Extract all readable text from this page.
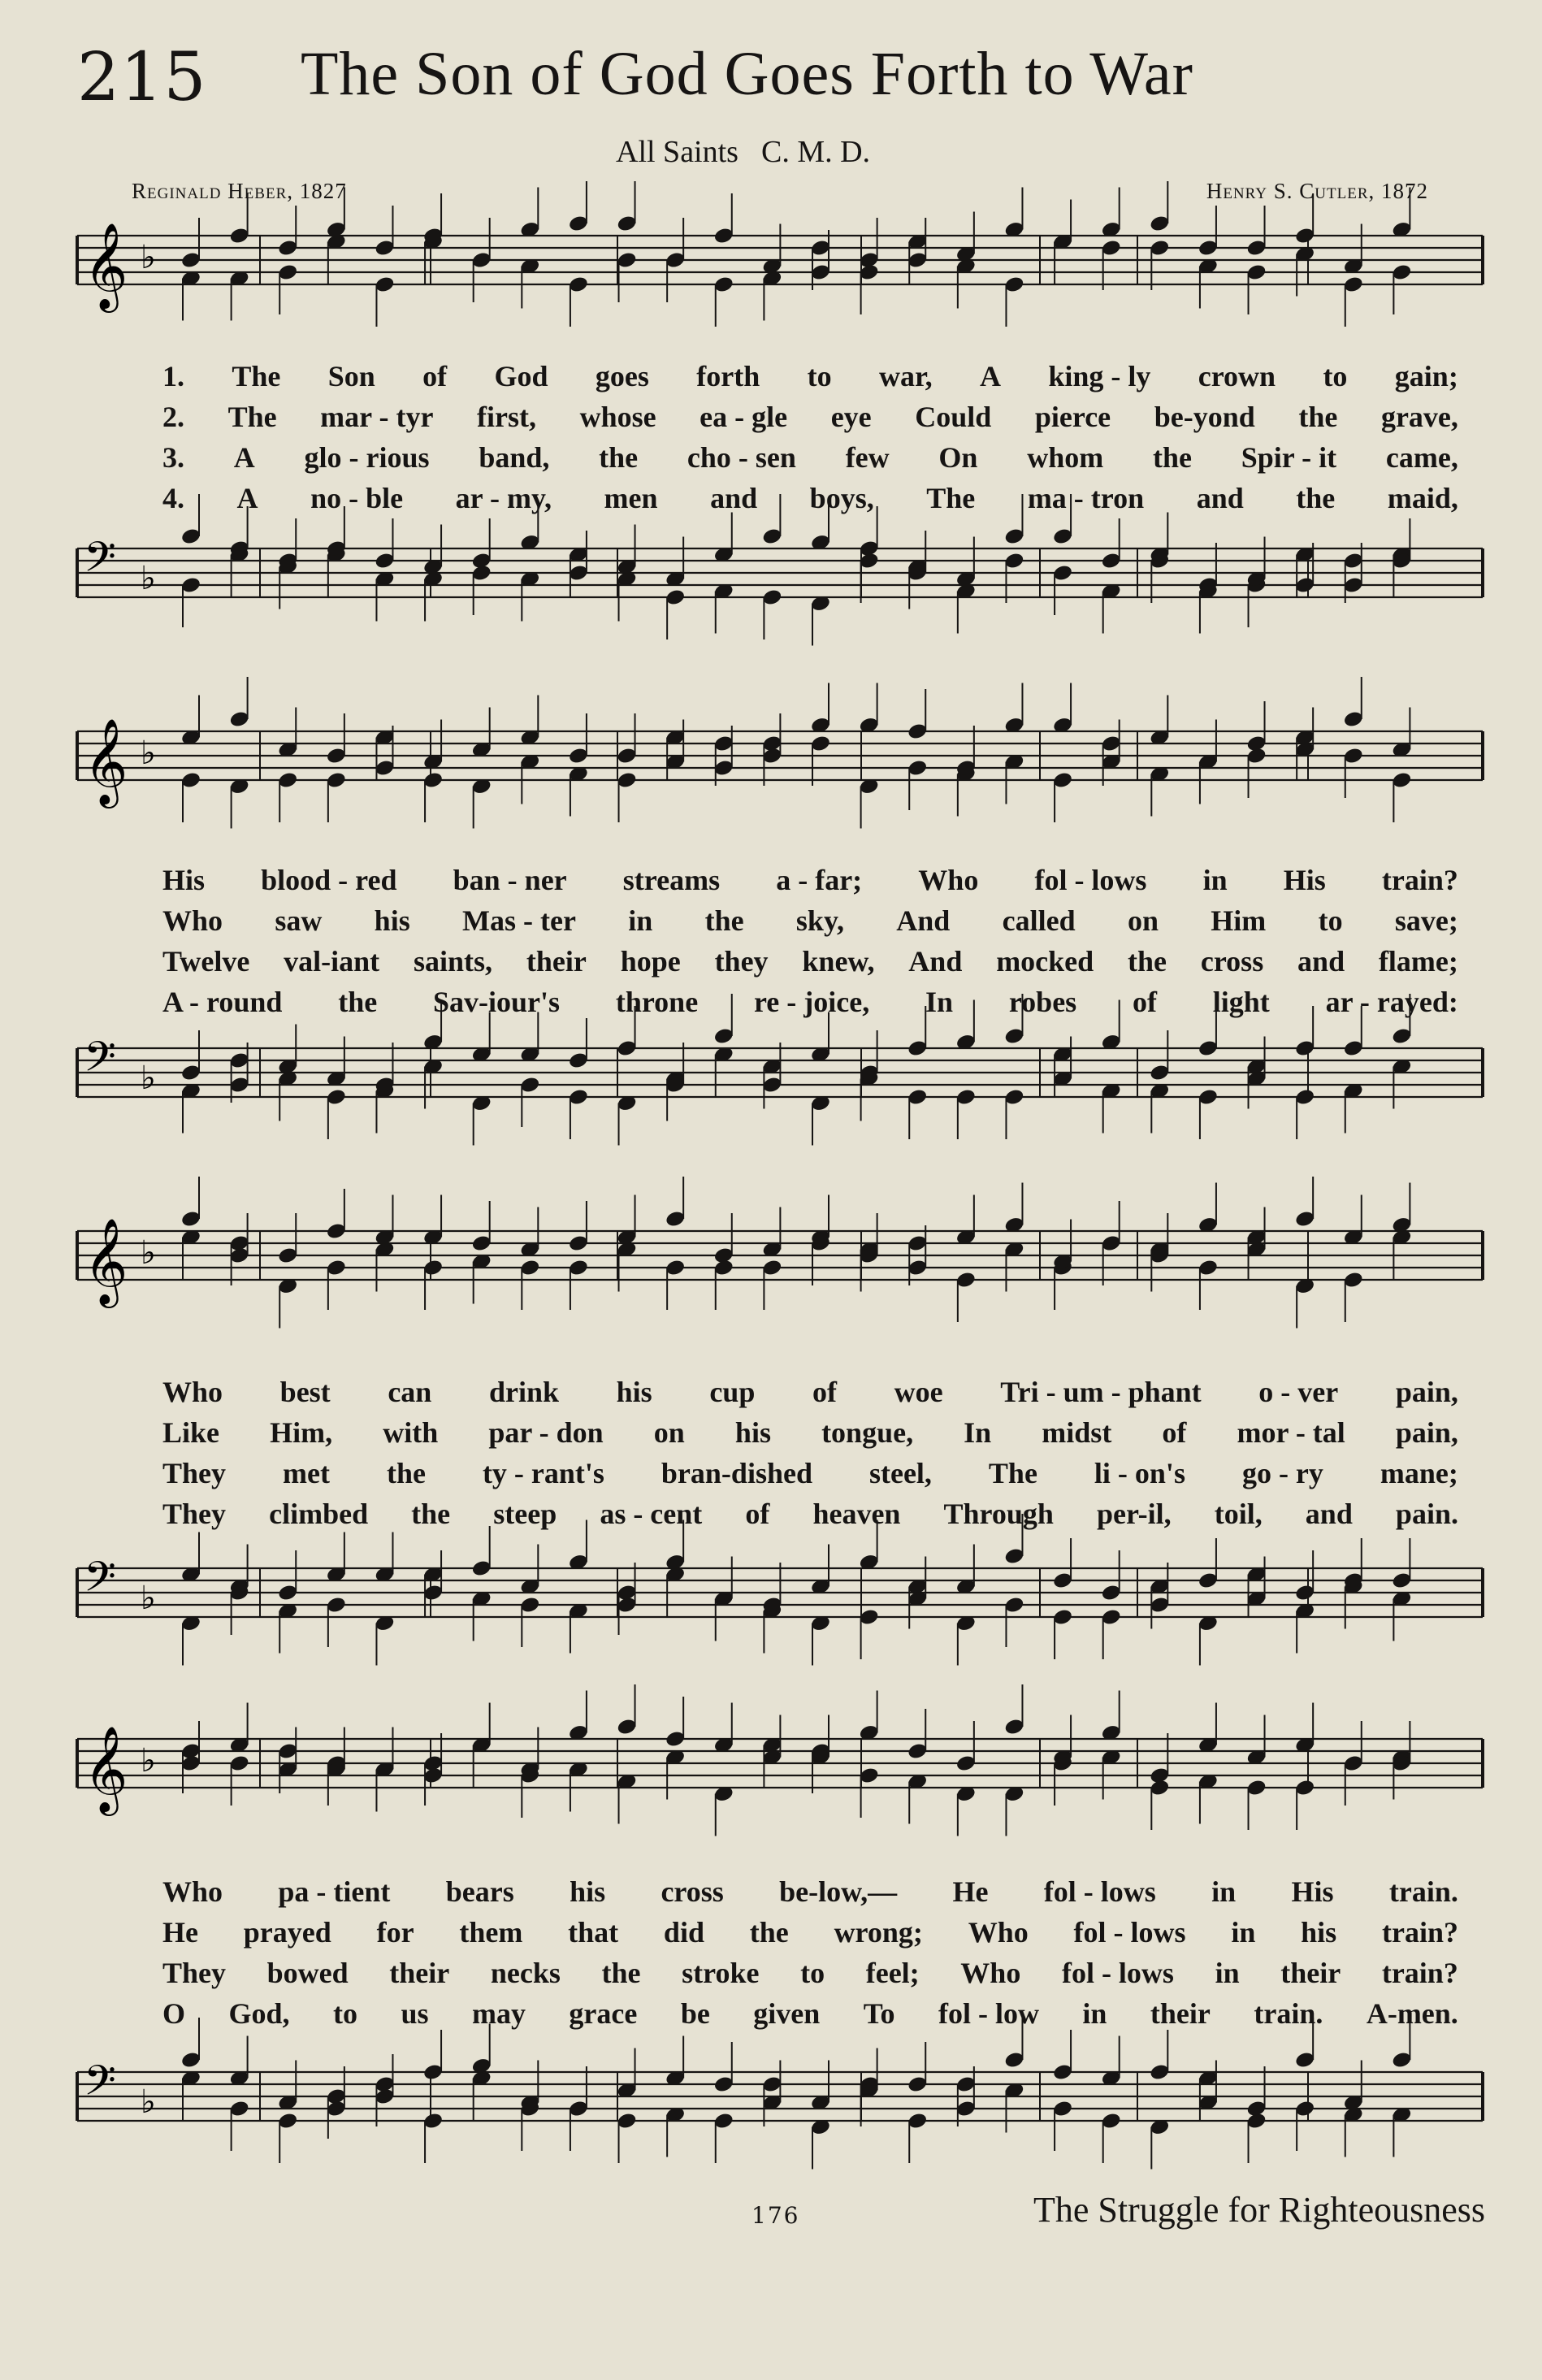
215 The Son of God Goes Forth to War
All Saints C. M. D.
Reginald Heber, 1827	Henry S. Cutler, 1872
𝄞 ♭
𝄢 ♭
1. The Son of God goes forth to war, A king - ly crown to gain;
2. The mar - tyr first, whose ea - gle eye Could pierce be-yond the grave,
3. A glo - rious band, the cho - sen few On whom the Spir - it came,
4. A no - ble ar - my, men and boys, The ma - tron and the maid,
𝄞 ♭
𝄢 ♭
His blood - red ban - ner streams a - far; Who fol - lows in His train?
Who saw his Mas - ter in the sky, And called on Him to save;
Twelve val-iant saints, their hope they knew, And mocked the cross and flame;
A - round the Sav-iour's throne re - joice, In robes of light ar - rayed:
𝄞 ♭
𝄢 ♭
Who best can drink his cup of woe Tri - um - phant o - ver pain,
Like Him, with par - don on his tongue, In midst of mor - tal pain,
They met the ty - rant's bran-dished steel, The li - on's go - ry mane;
They climbed the steep as - cent of heaven Through per-il, toil, and pain.
𝄞 ♭
𝄢 ♭
Who pa - tient bears his cross be-low,— He fol - lows in His train.
He prayed for them that did the wrong; Who fol - lows in his train?
They bowed their necks the stroke to feel; Who fol - lows in their train?
O God, to us may grace be given To fol - low in their train. A-men.
176	The Struggle for Righteousness
